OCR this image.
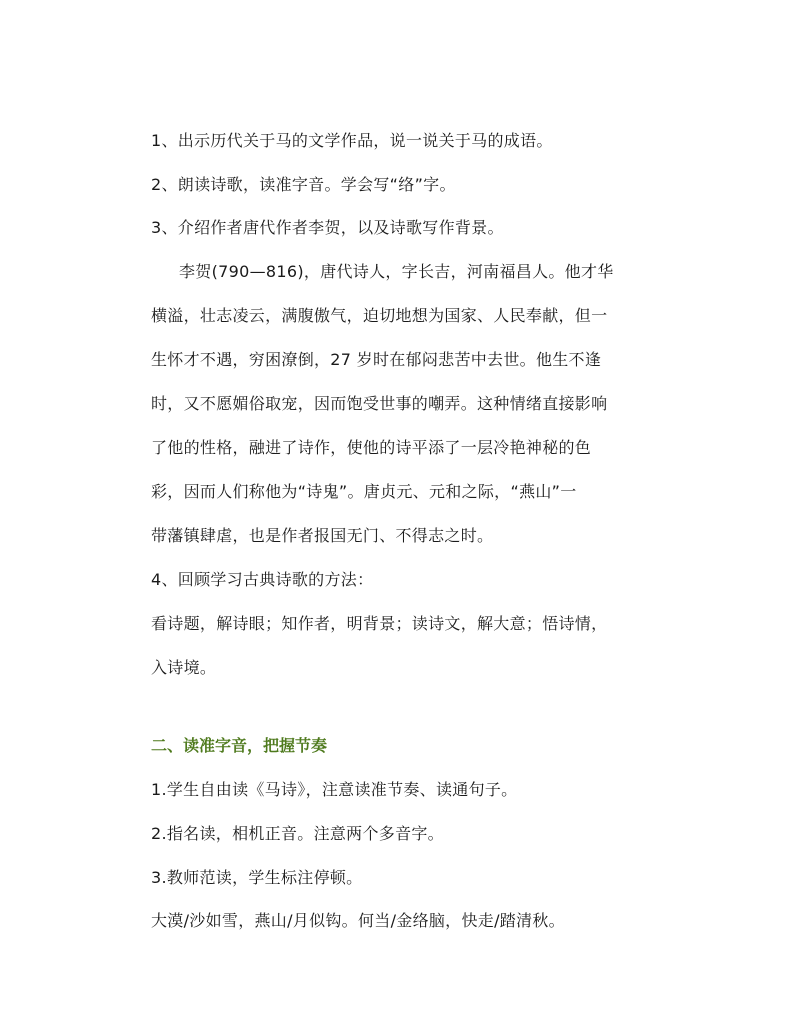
1、出示历代关于马的文学作品，说一说关于马的成语。
2、朗读诗歌，读准字音。学会写“络”字。
3、介绍作者唐代作者李贺，以及诗歌写作背景。
李贺(790—816)，唐代诗人，字长吉，河南福昌人。他才华
横溢，壮志凌云，满腹傲气，迫切地想为国家、人民奉献，但一
生怀才不遇，穷困潦倒，27 岁时在郁闷悲苦中去世。他生不逢
时，又不愿媚俗取宠，因而饱受世事的嘲弄。这种情绪直接影响
了他的性格，融进了诗作，使他的诗平添了一层冷艳神秘的色
彩，因而人们称他为“诗鬼”。唐贞元、元和之际，“燕山”一
带藩镇肆虐，也是作者报国无门、不得志之时。
4、回顾学习古典诗歌的方法：
看诗题，解诗眼；知作者，明背景；读诗文，解大意；悟诗情，
入诗境。
二、读准字音，把握节奏
1.学生自由读《马诗》，注意读准节奏、读通句子。
2.指名读，相机正音。注意两个多音字。
3.教师范读，学生标注停顿。
大漠/沙如雪，燕山/月似钩。何当/金络脑，快走/踏清秋。
